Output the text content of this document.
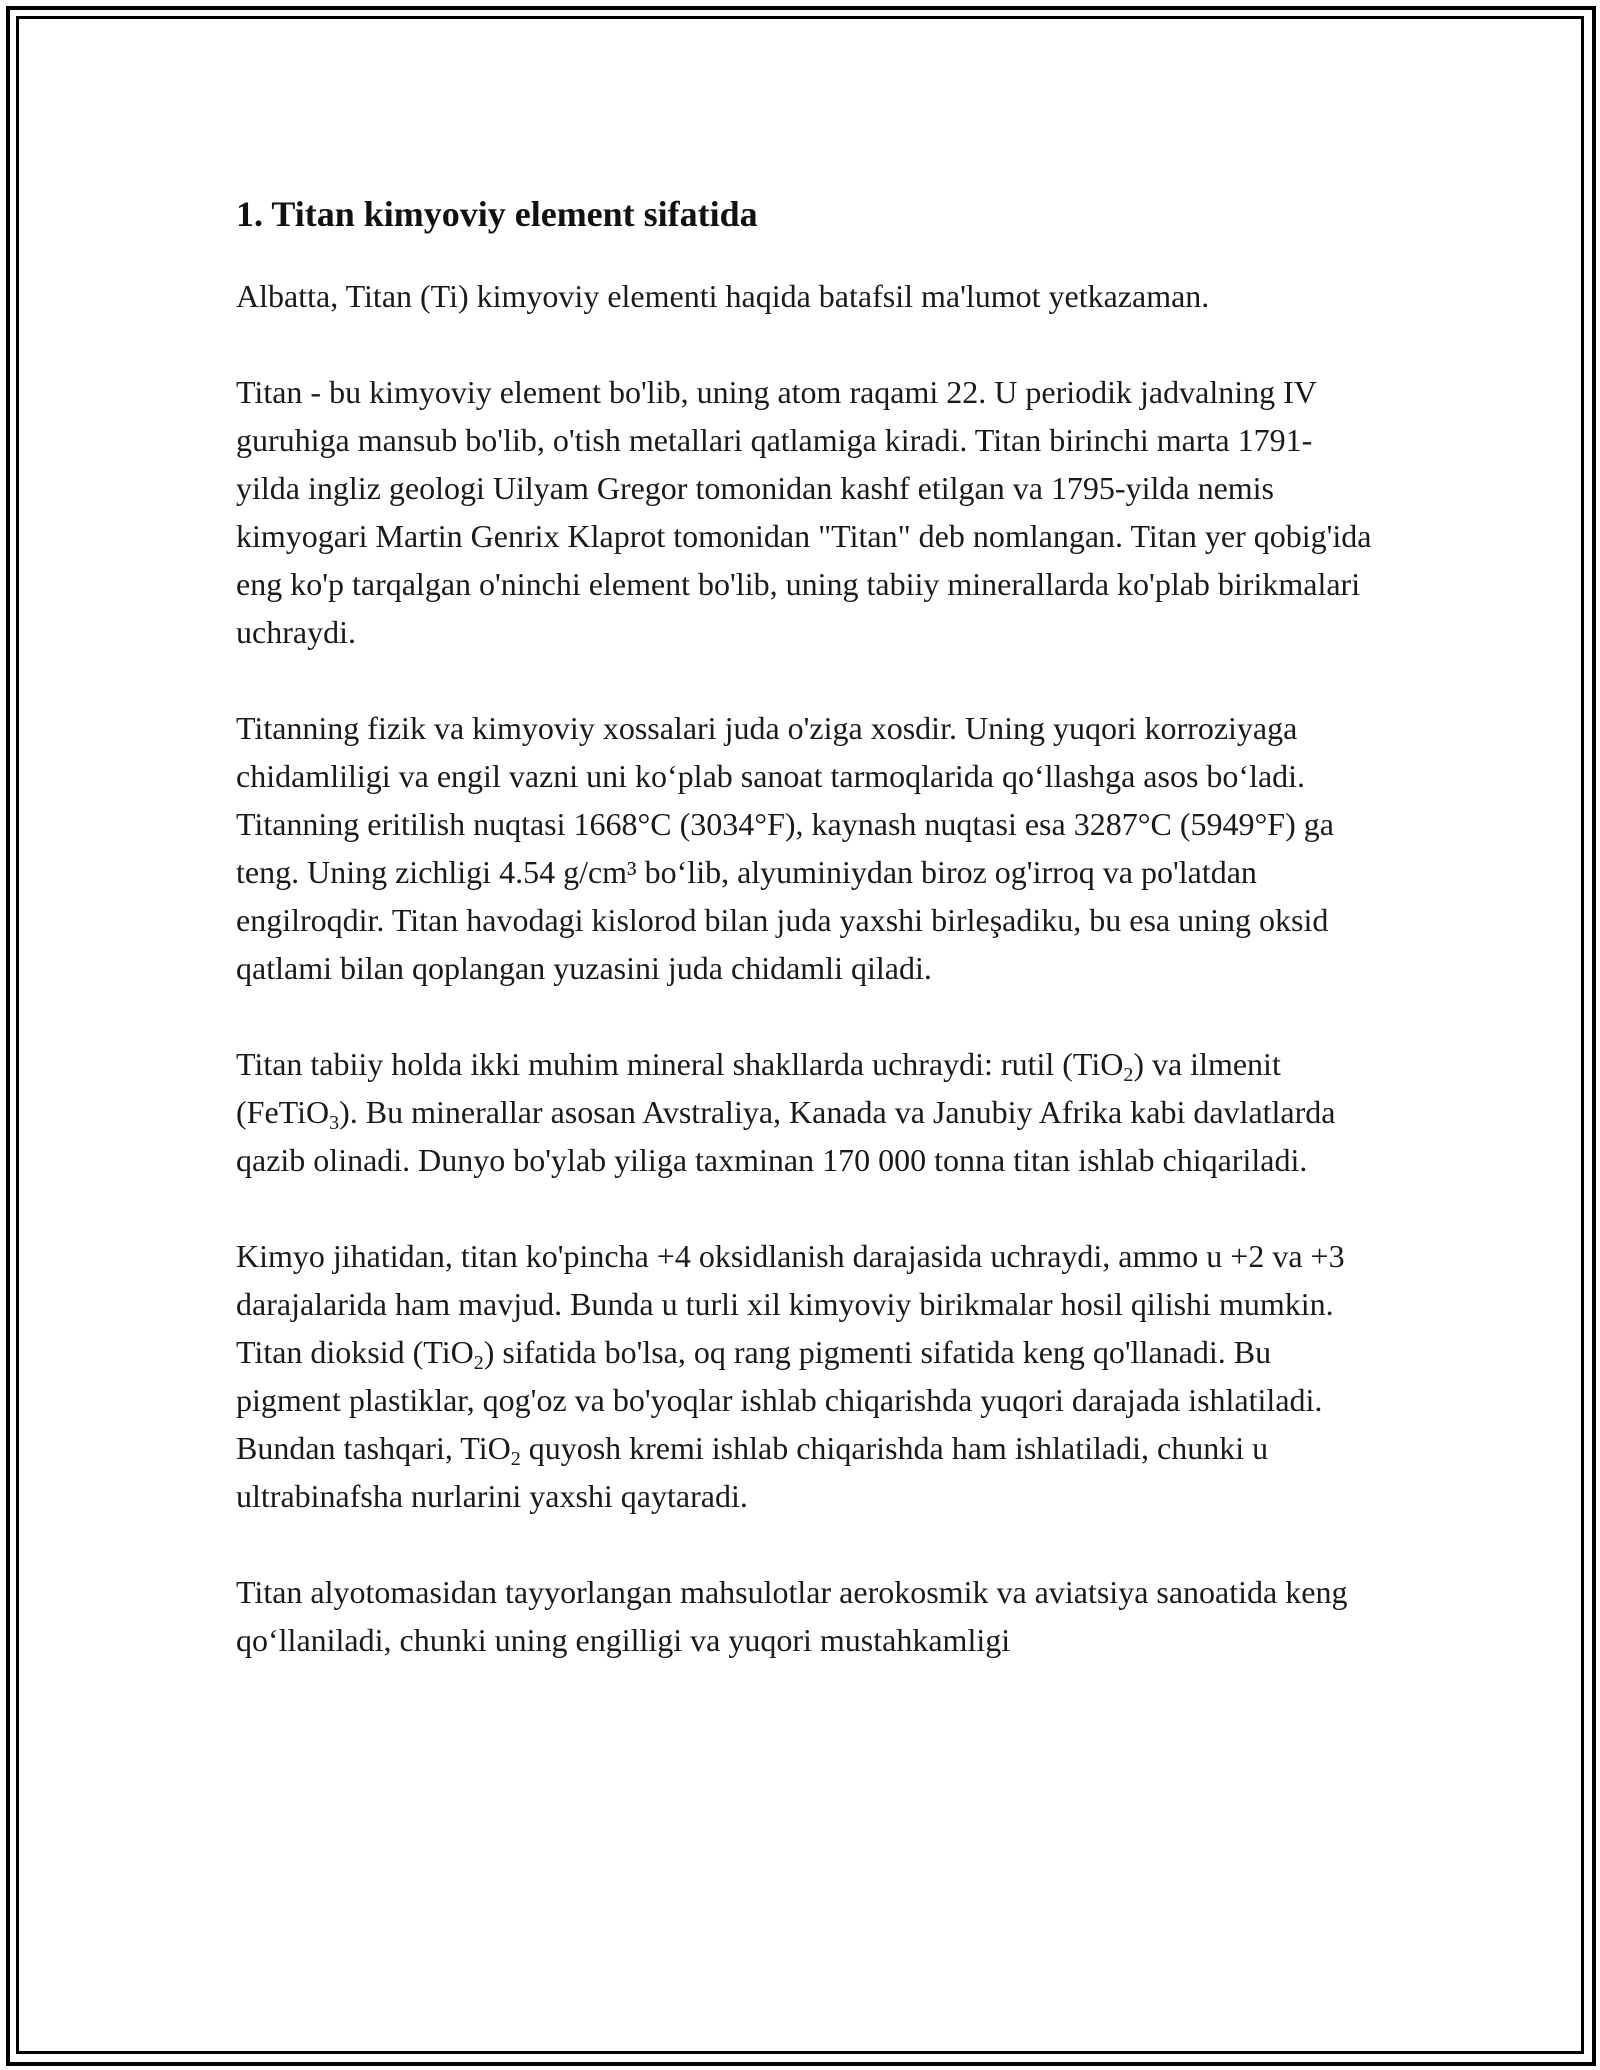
1. Titan kimyoviy element sifatida

Albatta, Titan (Ti) kimyoviy elementi haqida batafsil ma'lumot yetkazaman.

Titan - bu kimyoviy element bo'lib, uning atom raqami 22. U periodik jadvalning IV guruhiga mansub bo'lib, o'tish metallari qatlamiga kiradi. Titan birinchi marta 1791-yilda ingliz geologi Uilyam Gregor tomonidan kashf etilgan va 1795-yilda nemis kimyogari Martin Genrix Klaprot tomonidan "Titan" deb nomlangan. Titan yer qobig'ida eng ko'p tarqalgan o'ninchi element bo'lib, uning tabiiy minerallarda ko'plab birikmalari uchraydi.

Titanning fizik va kimyoviy xossalari juda o'ziga xosdir. Uning yuqori korroziyaga chidamliligi va engil vazni uni ko‘plab sanoat tarmoqlarida qo‘llashga asos bo‘ladi. Titanning eritilish nuqtasi 1668°C (3034°F), kaynash nuqtasi esa 3287°C (5949°F) ga teng. Uning zichligi 4.54 g/cm³ bo‘lib, alyuminiydan biroz og'irroq va po'latdan engilroqdir. Titan havodagi kislorod bilan juda yaxshi birleşadiku, bu esa uning oksid qatlami bilan qoplangan yuzasini juda chidamli qiladi.

Titan tabiiy holda ikki muhim mineral shakllarda uchraydi: rutil (TiO$_2$) va ilmenit (FeTiO$_3$). Bu minerallar asosan Avstraliya, Kanada va Janubiy Afrika kabi davlatlarda qazib olinadi. Dunyo bo'ylab yiliga taxminan 170 000 tonna titan ishlab chiqariladi.

Kimyo jihatidan, titan ko'pincha +4 oksidlanish darajasida uchraydi, ammo u +2 va +3 darajalarida ham mavjud. Bunda u turli xil kimyoviy birikmalar hosil qilishi mumkin. Titan dioksid (TiO$_2$) sifatida bo'lsa, oq rang pigmenti sifatida keng qo'llanadi. Bu pigment plastiklar, qog'oz va bo'yoqlar ishlab chiqarishda yuqori darajada ishlatiladi. Bundan tashqari, TiO$_2$ quyosh kremi ishlab chiqarishda ham ishlatiladi, chunki u ultrabinafsha nurlarini yaxshi qaytaradi.

Titan alyotomasidan tayyorlangan mahsulotlar aerokosmik va aviatsiya sanoatida keng qo‘llaniladi, chunki uning engilligi va yuqori mustahkamligi
